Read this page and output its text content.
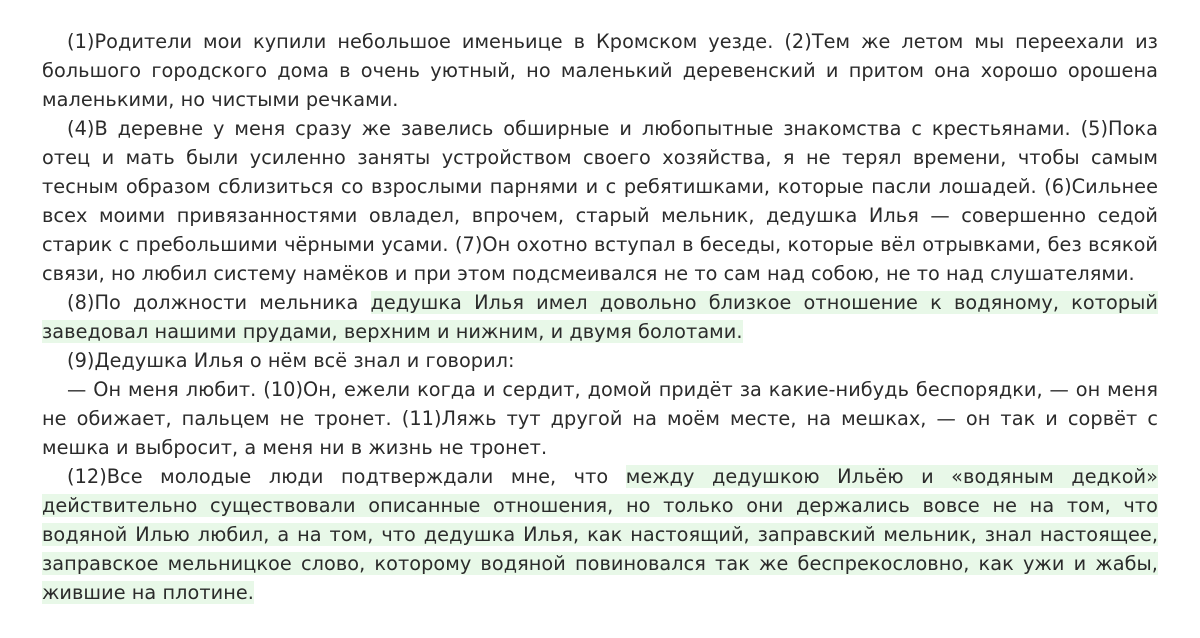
(1)Родители мои купили небольшое именьице в Кромском уезде. (2)Тем же летом мы переехали из большого городского дома в очень уютный, но маленький деревенский и притом она хорошо орошена маленькими, но чистыми речками.

(4)В деревне у меня сразу же завелись обширные и любопытные знакомства с крестьянами. (5)Пока отец и мать были усиленно заняты устройством своего хозяйства, я не терял времени, чтобы самым тесным образом сблизиться со взрослыми парнями и с ребятишками, которые пасли лошадей. (6)Сильнее всех моими привязанностями овладел, впрочем, старый мельник, дедушка Илья — совершенно седой старик с пребольшими чёрными усами. (7)Он охотно вступал в беседы, которые вёл отрывками, без всякой связи, но любил систему намёков и при этом подсмеивался не то сам над собою, не то над слушателями.

(8)По должности мельника дедушка Илья имел довольно близкое отношение к водяному, который заведовал нашими прудами, верхним и нижним, и двумя болотами.

(9)Дедушка Илья о нём всё знал и говорил:

— Он меня любит. (10)Он, ежели когда и сердит, домой придёт за какие-нибудь беспорядки, — он меня не обижает, пальцем не тронет. (11)Ляжь тут другой на моём месте, на мешках, — он так и сорвёт с мешка и выбросит, а меня ни в жизнь не тронет.

(12)Все молодые люди подтверждали мне, что между дедушкою Ильёю и «водяным дедкой» действительно существовали описанные отношения, но только они держались вовсе не на том, что водяной Илью любил, а на том, что дедушка Илья, как настоящий, заправский мельник, знал настоящее, заправское мельницкое слово, которому водяной повиновался так же беспрекословно, как ужи и жабы, жившие на плотине.
